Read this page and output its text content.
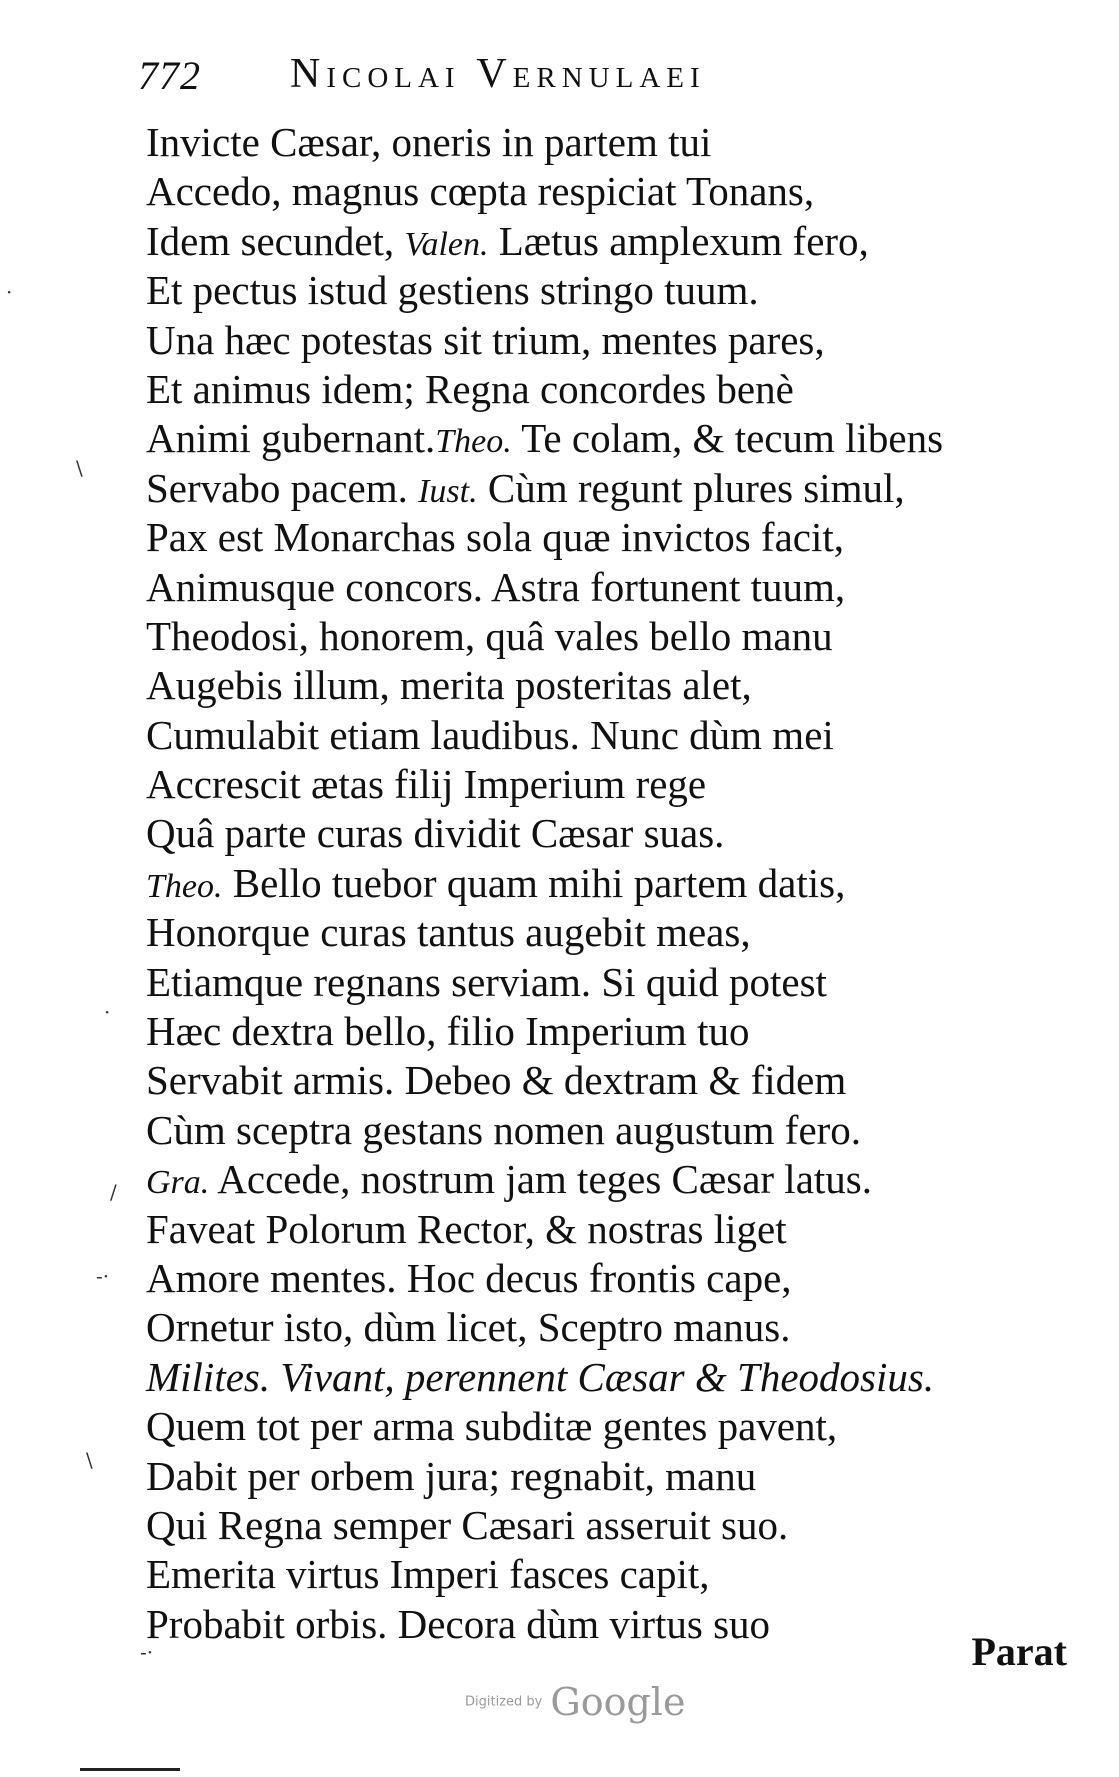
772 Nicolai Vernulaei
Invicte Cæsar, oneris in partem tui
Accedo, magnus cœpta respiciat Tonans,
Idem secundet, Valen. Lætus amplexum fero,
Et pectus istud gestiens stringo tuum.
Una hæc potestas sit trium, mentes pares,
Et animus idem; Regna concordes benè
Animi gubernant.Theo. Te colam, & tecum libens
Servabo pacem. Iust. Cùm regunt plures simul,
Pax est Monarchas sola quæ invictos facit,
Animusque concors. Astra fortunent tuum,
Theodosi, honorem, quâ vales bello manu
Augebis illum, merita posteritas alet,
Cumulabit etiam laudibus. Nunc dùm mei
Accrescit ætas filij Imperium rege
Quâ parte curas dividit Cæsar suas.
Theo. Bello tuebor quam mihi partem datis,
Honorque curas tantus augebit meas,
Etiamque regnans serviam. Si quid potest
Hæc dextra bello, filio Imperium tuo
Servabit armis. Debeo & dextram & fidem
Cùm sceptra gestans nomen augustum fero.
Gra. Accede, nostrum jam teges Cæsar latus.
Faveat Polorum Rector, & nostras liget
Amore mentes. Hoc decus frontis cape,
Ornetur isto, dùm licet, Sceptro manus.
Milites. Vivant, perennent Cæsar & Theodosius.
Quem tot per arma subditæ gentes pavent,
Dabit per orbem jura; regnabit, manu
Qui Regna semper Cæsari asseruit suo.
Emerita virtus Imperi fasces capit,
Probabit orbis. Decora dùm virtus suo
Parat
Digitized by Google
·
\
·
/
-·
\
-·
